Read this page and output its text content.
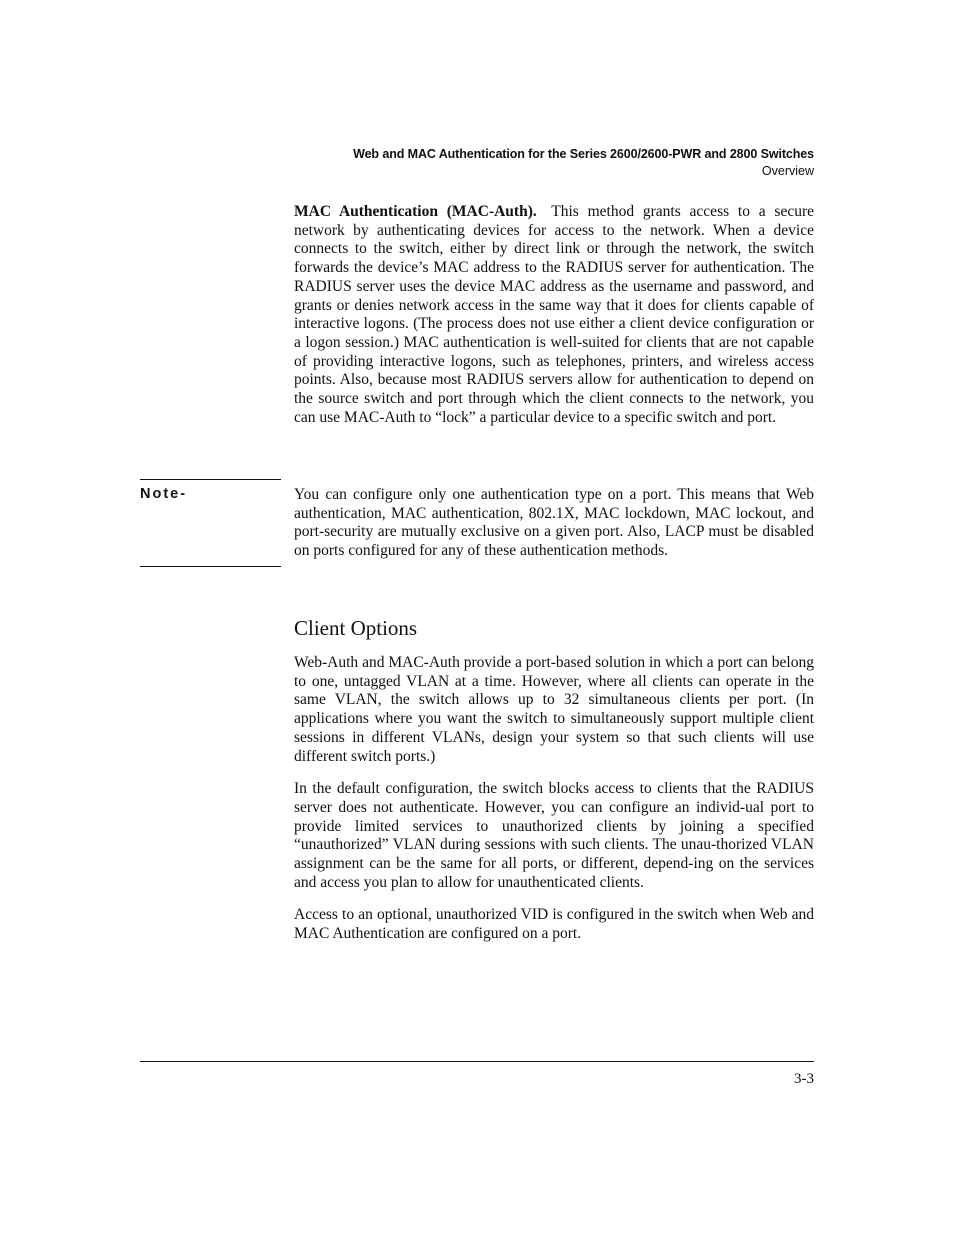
Web and MAC Authentication for the Series 2600/2600-PWR and 2800 Switches
Overview

MAC Authentication (MAC-Auth). This method grants access to a secure network by authenticating devices for access to the network. When a device connects to the switch, either by direct link or through the network, the switch forwards the device’s MAC address to the RADIUS server for authentication. The RADIUS server uses the device MAC address as the username and password, and grants or denies network access in the same way that it does for clients capable of interactive logons. (The process does not use either a client device configuration or a logon session.) MAC authentication is well-suited for clients that are not capable of providing interactive logons, such as telephones, printers, and wireless access points. Also, because most RADIUS servers allow for authentication to depend on the source switch and port through which the client connects to the network, you can use MAC-Auth to “lock” a particular device to a specific switch and port.

Note-	You can configure only one authentication type on a port. This means that Web authentication, MAC authentication, 802.1X, MAC lockdown, MAC lockout, and port-security are mutually exclusive on a given port. Also, LACP must be disabled on ports configured for any of these authentication methods.

Client Options

Web-Auth and MAC-Auth provide a port-based solution in which a port can belong to one, untagged VLAN at a time. However, where all clients can operate in the same VLAN, the switch allows up to 32 simultaneous clients per port. (In applications where you want the switch to simultaneously support multiple client sessions in different VLANs, design your system so that such clients will use different switch ports.)

In the default configuration, the switch blocks access to clients that the RADIUS server does not authenticate. However, you can configure an individ-ual port to provide limited services to unauthorized clients by joining a specified “unauthorized” VLAN during sessions with such clients. The unau-thorized VLAN assignment can be the same for all ports, or different, depend-ing on the services and access you plan to allow for unauthenticated clients.

Access to an optional, unauthorized VID is configured in the switch when Web and MAC Authentication are configured on a port.

3-3
